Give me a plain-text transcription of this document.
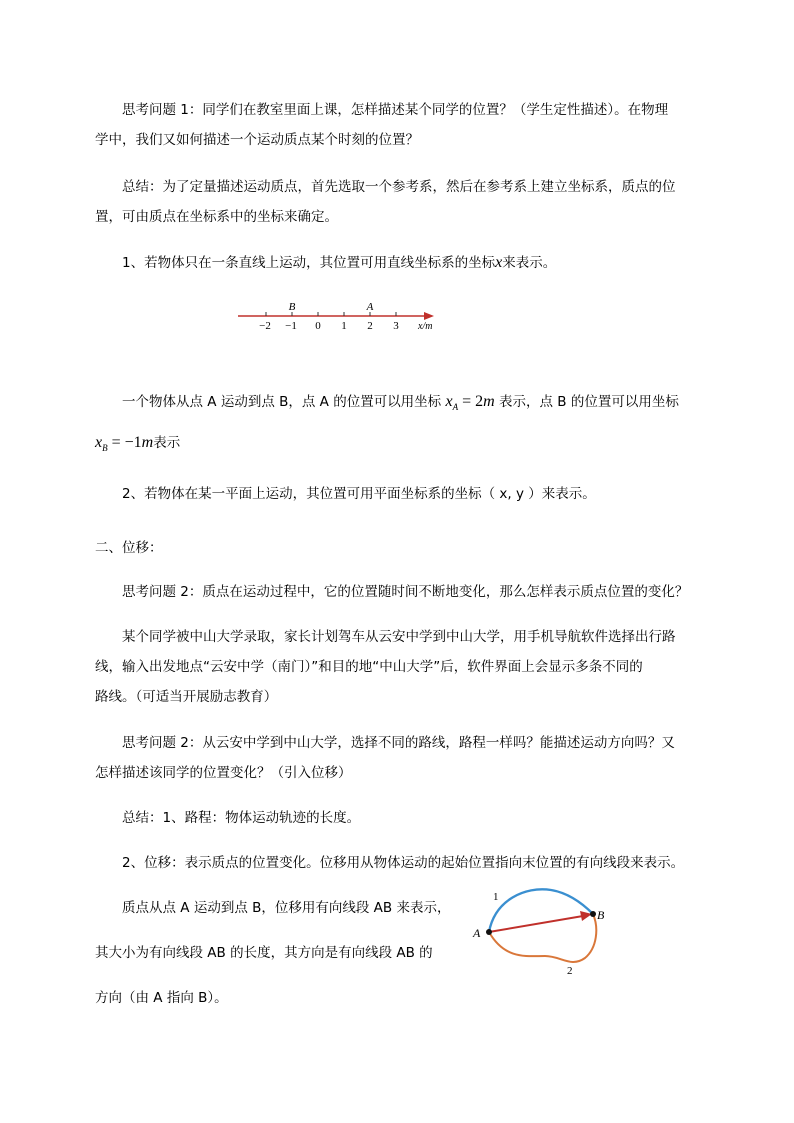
思考问题 1：同学们在教室里面上课，怎样描述某个同学的位置？（学生定性描述）。在物理
学中，我们又如何描述一个运动质点某个时刻的位置？
总结：为了定量描述运动质点，首先选取一个参考系，然后在参考系上建立坐标系，质点的位
置，可由质点在坐标系中的坐标来确定。
1、若物体只在一条直线上运动，其位置可用直线坐标系的坐标x来表示。
−2 −1 0 1 2 3 x/m
B	A
一个物体从点 A 运动到点 B，点 A 的位置可以用坐标 $x_A = 2m$ 表示，点 B 的位置可以用坐标
$x_B = -1m$表示
2、若物体在某一平面上运动，其位置可用平面坐标系的坐标（ x, y ）来表示。
二、位移：
思考问题 2：质点在运动过程中，它的位置随时间不断地变化，那么怎样表示质点位置的变化？
某个同学被中山大学录取，家长计划驾车从云安中学到中山大学，用手机导航软件选择出行路
线，输入出发地点“云安中学（南门）”和目的地“中山大学”后，软件界面上会显示多条不同的
路线。（可适当开展励志教育）
思考问题 2：从云安中学到中山大学，选择不同的路线，路程一样吗？能描述运动方向吗？又
怎样描述该同学的位置变化？（引入位移）
总结：1、路程：物体运动轨迹的长度。
2、位移：表示质点的位置变化。位移用从物体运动的起始位置指向末位置的有向线段来表示。
质点从点 A 运动到点 B，位移用有向线段 AB 来表示，
其大小为有向线段 AB 的长度，其方向是有向线段 AB 的
方向（由 A 指向 B）。
A
B
1
2
